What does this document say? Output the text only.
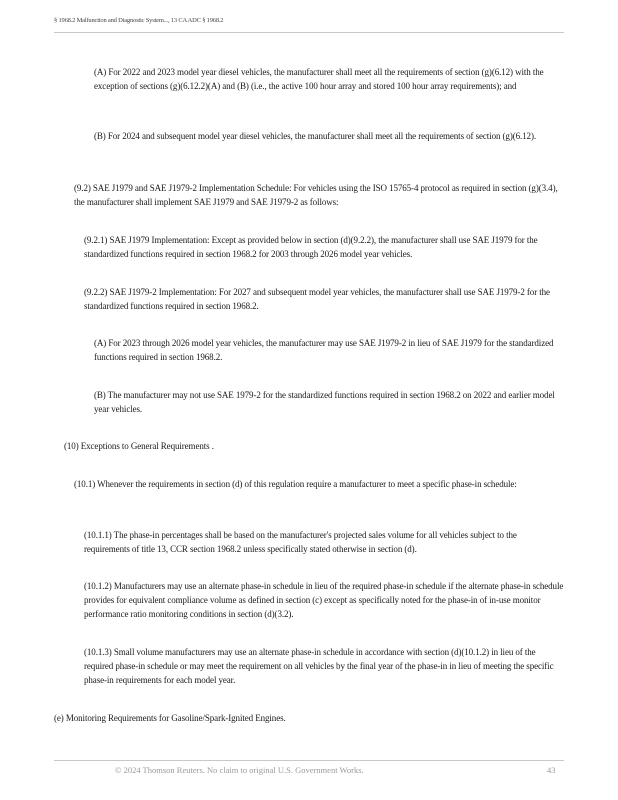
§ 1968.2 Malfunction and Diagnostic System..., 13 CA ADC § 1968.2

(A) For 2022 and 2023 model year diesel vehicles, the manufacturer shall meet all the requirements of section (g)(6.12) with the exception of sections (g)(6.12.2)(A) and (B) (i.e., the active 100 hour array and stored 100 hour array requirements); and

(B) For 2024 and subsequent model year diesel vehicles, the manufacturer shall meet all the requirements of section (g)(6.12).

(9.2) SAE J1979 and SAE J1979-2 Implementation Schedule: For vehicles using the ISO 15765-4 protocol as required in section (g)(3.4), the manufacturer shall implement SAE J1979 and SAE J1979-2 as follows:

(9.2.1) SAE J1979 Implementation: Except as provided below in section (d)(9.2.2), the manufacturer shall use SAE J1979 for the standardized functions required in section 1968.2 for 2003 through 2026 model year vehicles.

(9.2.2) SAE J1979-2 Implementation: For 2027 and subsequent model year vehicles, the manufacturer shall use SAE J1979-2 for the standardized functions required in section 1968.2.

(A) For 2023 through 2026 model year vehicles, the manufacturer may use SAE J1979-2 in lieu of SAE J1979 for the standardized functions required in section 1968.2.

(B) The manufacturer may not use SAE 1979-2 for the standardized functions required in section 1968.2 on 2022 and earlier model year vehicles.

(10) Exceptions to General Requirements .

(10.1) Whenever the requirements in section (d) of this regulation require a manufacturer to meet a specific phase-in schedule:

(10.1.1) The phase-in percentages shall be based on the manufacturer's projected sales volume for all vehicles subject to the requirements of title 13, CCR section 1968.2 unless specifically stated otherwise in section (d).

(10.1.2) Manufacturers may use an alternate phase-in schedule in lieu of the required phase-in schedule if the alternate phase-in schedule provides for equivalent compliance volume as defined in section (c) except as specifically noted for the phase-in of in-use monitor performance ratio monitoring conditions in section (d)(3.2).

(10.1.3) Small volume manufacturers may use an alternate phase-in schedule in accordance with section (d)(10.1.2) in lieu of the required phase-in schedule or may meet the requirement on all vehicles by the final year of the phase-in in lieu of meeting the specific phase-in requirements for each model year.

(e) Monitoring Requirements for Gasoline/Spark-Ignited Engines.

© 2024 Thomson Reuters. No claim to original U.S. Government Works.	43
